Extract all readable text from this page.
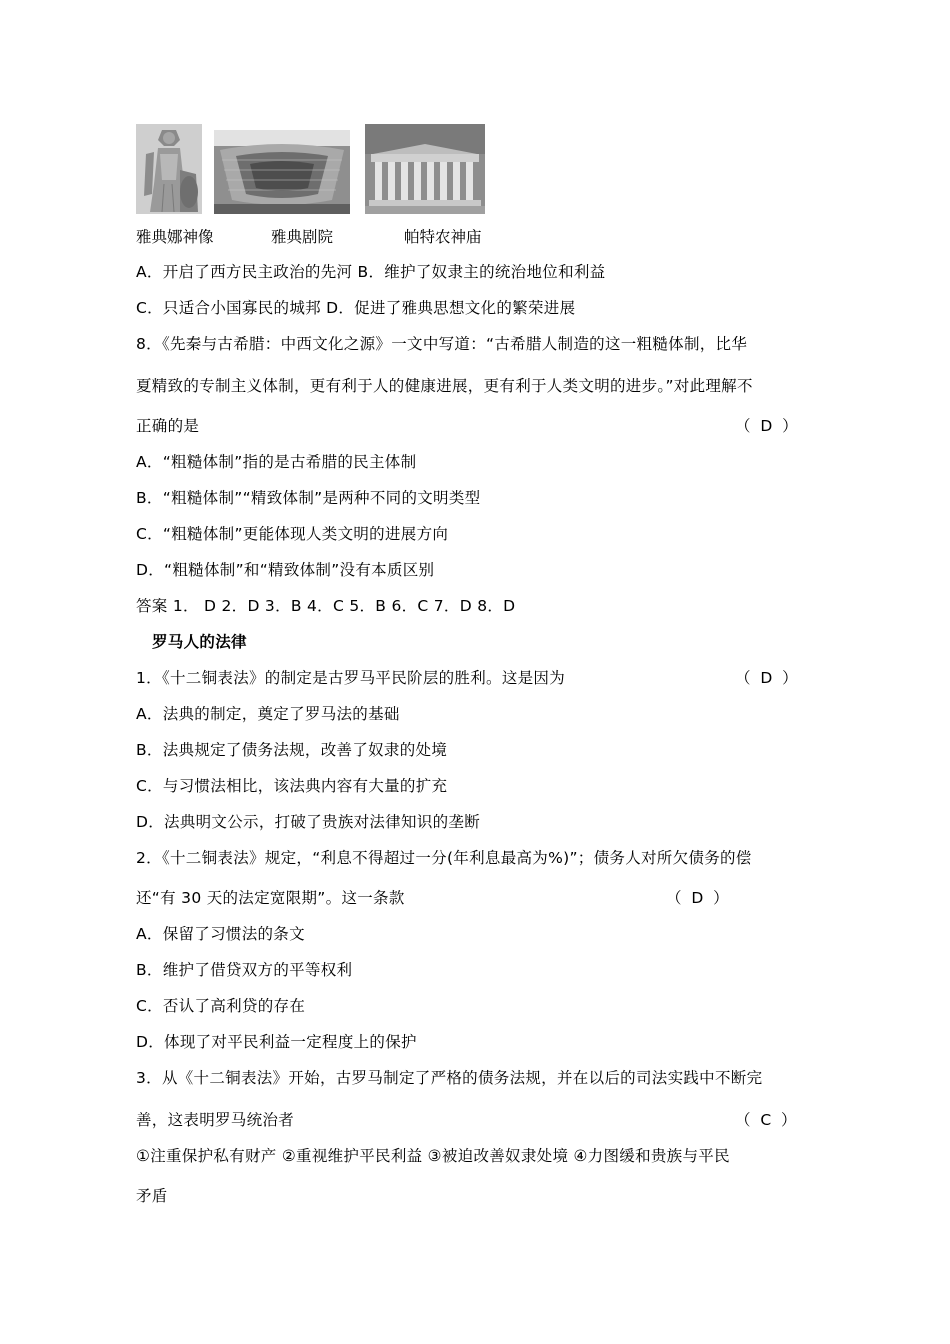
雅典娜神像	雅典剧院	帕特农神庙
A．开启了西方民主政治的先河 B．维护了奴隶主的统治地位和利益
C．只适合小国寡民的城邦 D．促进了雅典思想文化的繁荣进展
8．《先秦与古希腊：中西文化之源》一文中写道：“古希腊人制造的这一粗糙体制，比华
夏精致的专制主义体制，更有利于人的健康进展，更有利于人类文明的进步。”对此理解不
正确的是	（  D  ）
A．“粗糙体制”指的是古希腊的民主体制
B．“粗糙体制”“精致体制”是两种不同的文明类型
C．“粗糙体制”更能体现人类文明的进展方向
D．“粗糙体制”和“精致体制”没有本质区别
答案 1． D 2．D 3．B 4．C 5．B 6．C 7．D 8．D
罗马人的法律
1．《十二铜表法》的制定是古罗马平民阶层的胜利。这是因为	（  D  ）
A．法典的制定，奠定了罗马法的基础
B．法典规定了债务法规，改善了奴隶的处境
C．与习惯法相比，该法典内容有大量的扩充
D．法典明文公示，打破了贵族对法律知识的垄断
2．《十二铜表法》规定，“利息不得超过一分(年利息最高为%)”；债务人对所欠债务的偿
还“有 30 天的法定宽限期”。这一条款	（  D  ）
A．保留了习惯法的条文
B．维护了借贷双方的平等权利
C．否认了高利贷的存在
D．体现了对平民利益一定程度上的保护
3．从《十二铜表法》开始，古罗马制定了严格的债务法规，并在以后的司法实践中不断完
善，这表明罗马统治者	（  C  ）
①注重保护私有财产 ②重视维护平民利益 ③被迫改善奴隶处境 ④力图缓和贵族与平民
矛盾
